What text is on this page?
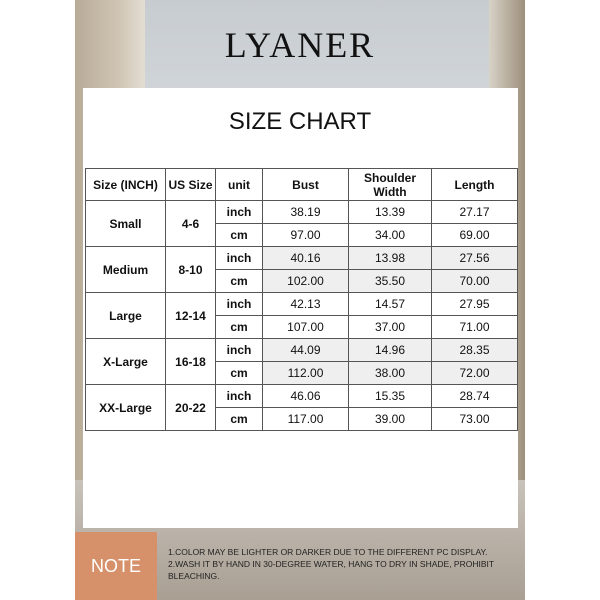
LYANER
SIZE CHART
Size (INCH)	US Size	unit	Bust	Shoulder Width	Length
Small	4-6	inch	38.19	13.39	27.17
		cm	97.00	34.00	69.00
Medium	8-10	inch	40.16	13.98	27.56
		cm	102.00	35.50	70.00
Large	12-14	inch	42.13	14.57	27.95
		cm	107.00	37.00	71.00
X-Large	16-18	inch	44.09	14.96	28.35
		cm	112.00	38.00	72.00
XX-Large	20-22	inch	46.06	15.35	28.74
		cm	117.00	39.00	73.00
NOTE
1.COLOR MAY BE LIGHTER OR DARKER DUE TO THE DIFFERENT PC DISPLAY.
2.WASH IT BY HAND IN 30-DEGREE WATER, HANG TO DRY IN SHADE, PROHIBIT BLEACHING.
